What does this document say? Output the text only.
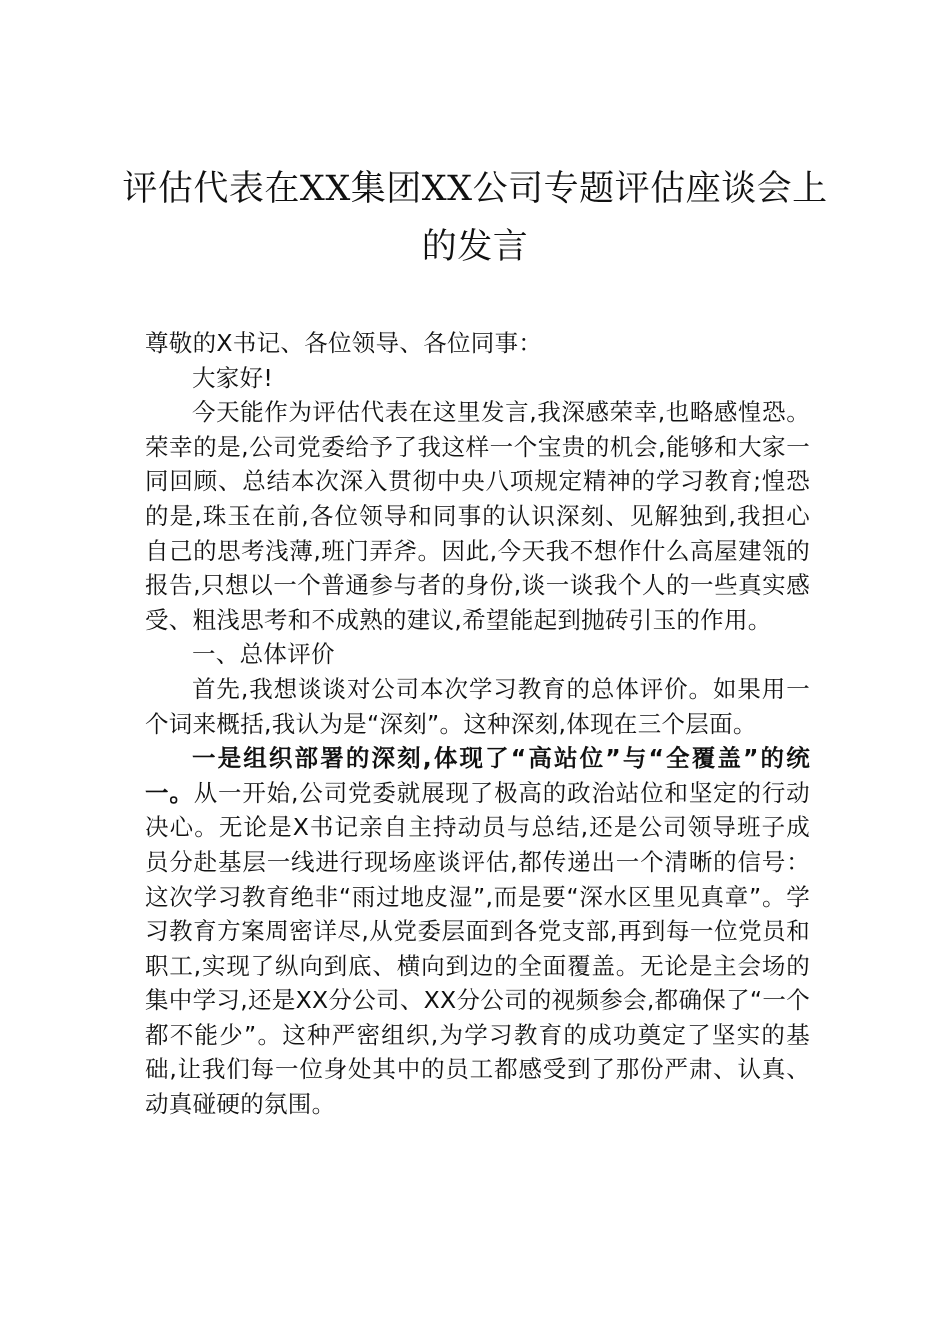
评估代表在XX集团XX公司专题评估座谈会上的发言

尊敬的X书记、各位领导、各位同事：

大家好!

今天能作为评估代表在这里发言,我深感荣幸,也略感惶恐。荣幸的是,公司党委给予了我这样一个宝贵的机会,能够和大家一同回顾、总结本次深入贯彻中央八项规定精神的学习教育;惶恐的是,珠玉在前,各位领导和同事的认识深刻、见解独到,我担心自己的思考浅薄,班门弄斧。因此,今天我不想作什么高屋建瓴的报告,只想以一个普通参与者的身份,谈一谈我个人的一些真实感受、粗浅思考和不成熟的建议,希望能起到抛砖引玉的作用。

一、总体评价

首先,我想谈谈对公司本次学习教育的总体评价。如果用一个词来概括,我认为是“深刻”。这种深刻,体现在三个层面。

一是组织部署的深刻,体现了“高站位”与“全覆盖”的统一。从一开始,公司党委就展现了极高的政治站位和坚定的行动决心。无论是X书记亲自主持动员与总结,还是公司领导班子成员分赴基层一线进行现场座谈评估,都传递出一个清晰的信号：这次学习教育绝非“雨过地皮湿”,而是要“深水区里见真章”。学习教育方案周密详尽,从党委层面到各党支部,再到每一位党员和职工,实现了纵向到底、横向到边的全面覆盖。无论是主会场的集中学习,还是XX分公司、XX分公司的视频参会,都确保了“一个都不能少”。这种严密组织,为学习教育的成功奠定了坚实的基础,让我们每一位身处其中的员工都感受到了那份严肃、认真、动真碰硬的氛围。
